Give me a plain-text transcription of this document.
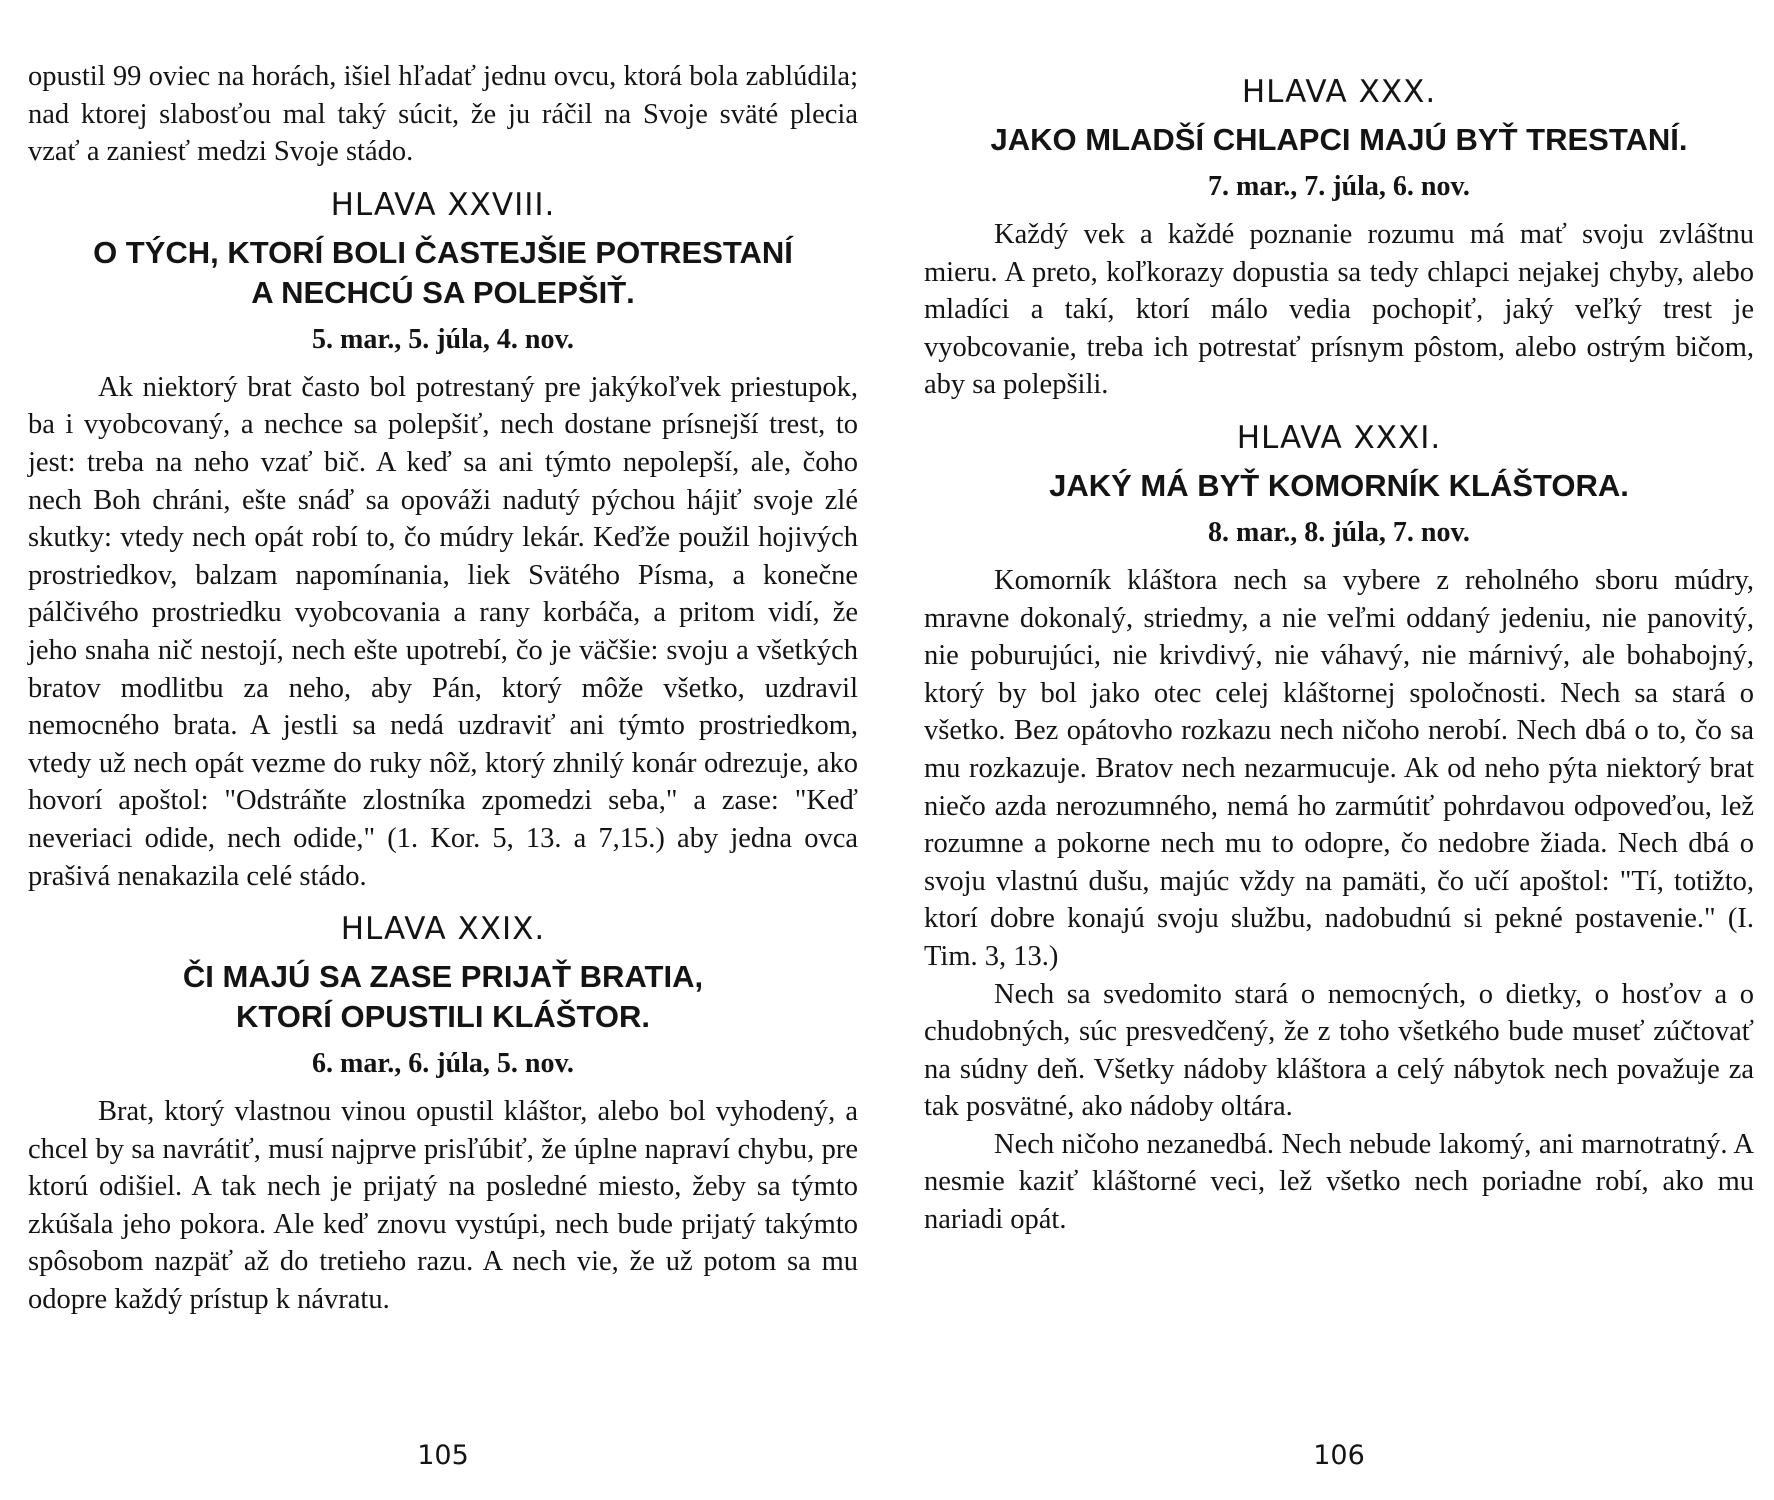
opustil 99 oviec na horách, išiel hľadať jednu ovcu, ktorá bola zablúdila; nad ktorej slabosťou mal taký súcit, že ju ráčil na Svoje sväté plecia vzať a zaniesť medzi Svoje stádo.

HLAVA XXVIII.
O TÝCH, KTORÍ BOLI ČASTEJŠIE POTRESTANÍ
A NECHCÚ SA POLEPŠIŤ.
5. mar., 5. júla, 4. nov.

Ak niektorý brat často bol potrestaný pre jakýkoľvek priestupok, ba i vyobcovaný, a nechce sa polepšiť, nech dostane prísnejší trest, to jest: treba na neho vzať bič. A keď sa ani týmto nepolepší, ale, čoho nech Boh chráni, ešte snáď sa opováži nadutý pýchou hájiť svoje zlé skutky: vtedy nech opát robí to, čo múdry lekár. Keďže použil hojivých prostriedkov, balzam napomínania, liek Svätého Písma, a konečne pálčivého prostriedku vyobcovania a rany korbáča, a pritom vidí, že jeho snaha nič nestojí, nech ešte upotrebí, čo je väčšie: svoju a všetkých bratov modlitbu za neho, aby Pán, ktorý môže všetko, uzdravil nemocného brata. A jestli sa nedá uzdraviť ani týmto prostriedkom, vtedy už nech opát vezme do ruky nôž, ktorý zhnilý konár odrezuje, ako hovorí apoštol: "Odstráňte zlostníka zpomedzi seba," a zase: "Keď neveriaci odide, nech odide," (1. Kor. 5, 13. a 7,15.) aby jedna ovca prašivá nenakazila celé stádo.

HLAVA XXIX.
ČI MAJÚ SA ZASE PRIJAŤ BRATIA,
KTORÍ OPUSTILI KLÁŠTOR.
6. mar., 6. júla, 5. nov.

Brat, ktorý vlastnou vinou opustil kláštor, alebo bol vyhodený, a chcel by sa navrátiť, musí najprve prisľúbiť, že úplne napraví chybu, pre ktorú odišiel. A tak nech je prijatý na posledné miesto, žeby sa týmto zkúšala jeho pokora. Ale keď znovu vystúpi, nech bude prijatý takýmto spôsobom nazpäť až do tretieho razu. A nech vie, že už potom sa mu odopre každý prístup k návratu.

105
HLAVA XXX.
JAKO MLADŠÍ CHLAPCI MAJÚ BYŤ TRESTANÍ.
7. mar., 7. júla, 6. nov.

Každý vek a každé poznanie rozumu má mať svoju zvláštnu mieru. A preto, koľkorazy dopustia sa tedy chlapci nejakej chyby, alebo mladíci a takí, ktorí málo vedia pochopiť, jaký veľký trest je vyobcovanie, treba ich potrestať prísnym pôstom, alebo ostrým bičom, aby sa polepšili.

HLAVA XXXI.
JAKÝ MÁ BYŤ KOMORNÍK KLÁŠTORA.
8. mar., 8. júla, 7. nov.

Komorník kláštora nech sa vybere z reholného sboru múdry, mravne dokonalý, striedmy, a nie veľmi oddaný jedeniu, nie panovitý, nie poburujúci, nie krivdivý, nie váhavý, nie márnivý, ale bohabojný, ktorý by bol jako otec celej kláštornej spoločnosti. Nech sa stará o všetko. Bez opátovho rozkazu nech ničoho nerobí. Nech dbá o to, čo sa mu rozkazuje. Bratov nech nezarmucuje. Ak od neho pýta niektorý brat niečo azda nerozumného, nemá ho zarmútiť pohrdavou odpoveďou, lež rozumne a pokorne nech mu to odopre, čo nedobre žiada. Nech dbá o svoju vlastnú dušu, majúc vždy na pamäti, čo učí apoštol: "Tí, totižto, ktorí dobre konajú svoju službu, nadobudnú si pekné postavenie." (I. Tim. 3, 13.)

Nech sa svedomito stará o nemocných, o dietky, o hosťov a o chudobných, súc presvedčený, že z toho všetkého bude museť zúčtovať na súdny deň. Všetky nádoby kláštora a celý nábytok nech považuje za tak posvätné, ako nádoby oltára.

Nech ničoho nezanedbá. Nech nebude lakomý, ani marnotratný. A nesmie kaziť kláštorné veci, lež všetko nech poriadne robí, ako mu nariadi opát.

106
